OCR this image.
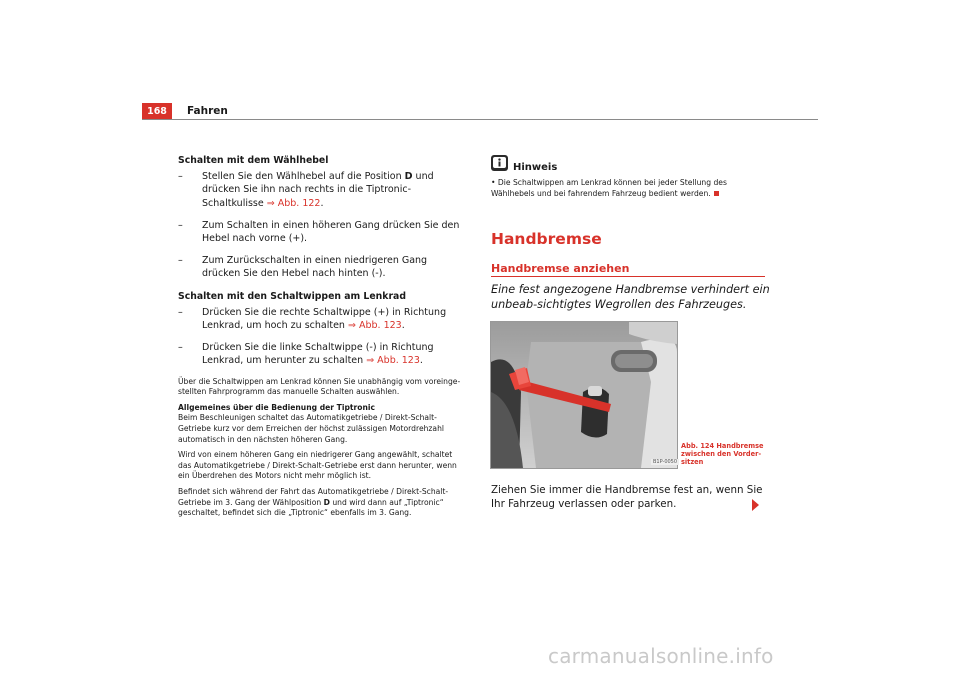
168	Fahren

Schalten mit dem Wählhebel

– Stellen Sie den Wählhebel auf die Position D und drücken Sie ihn nach rechts in die Tiptronic-Schaltkulisse ⇒ Abb. 122.
– Zum Schalten in einen höheren Gang drücken Sie den Hebel nach vorne (+).
– Zum Zurückschalten in einen niedrigeren Gang drücken Sie den Hebel nach hinten (-).

Schalten mit den Schaltwippen am Lenkrad

– Drücken Sie die rechte Schaltwippe (+) in Richtung Lenkrad, um hoch zu schalten ⇒ Abb. 123.
– Drücken Sie die linke Schaltwippe (-) in Richtung Lenkrad, um herunter zu schalten ⇒ Abb. 123.

Über die Schaltwippen am Lenkrad können Sie unabhängig vom voreinge-stellten Fahrprogramm das manuelle Schalten auswählen.

Allgemeines über die Bedienung der Tiptronic

Beim Beschleunigen schaltet das Automatikgetriebe / Direkt-Schalt-Getriebe kurz vor dem Erreichen der höchst zulässigen Motordrehzahl automatisch in den nächsten höheren Gang.

Wird von einem höheren Gang ein niedrigerer Gang angewählt, schaltet das Automatikgetriebe / Direkt-Schalt-Getriebe erst dann herunter, wenn ein Überdrehen des Motors nicht mehr möglich ist.

Befindet sich während der Fahrt das Automatikgetriebe / Direkt-Schalt-Getriebe im 3. Gang der Wählposition D und wird dann auf „Tiptronic“ geschaltet, befindet sich die „Tiptronic“ ebenfalls im 3. Gang.

Hinweis
• Die Schaltwippen am Lenkrad können bei jeder Stellung des Wählhebels und bei fahrendem Fahrzeug bedient werden.
Handbremse
Handbremse anziehen
Eine fest angezogene Handbremse verhindert ein unbeab-sichtigtes Wegrollen des Fahrzeuges.
B1P-0050
Abb. 124 Handbremse zwischen den Vorder-sitzen
Ziehen Sie immer die Handbremse fest an, wenn Sie Ihr Fahrzeug verlassen oder parken.
carmanualsonline.info
